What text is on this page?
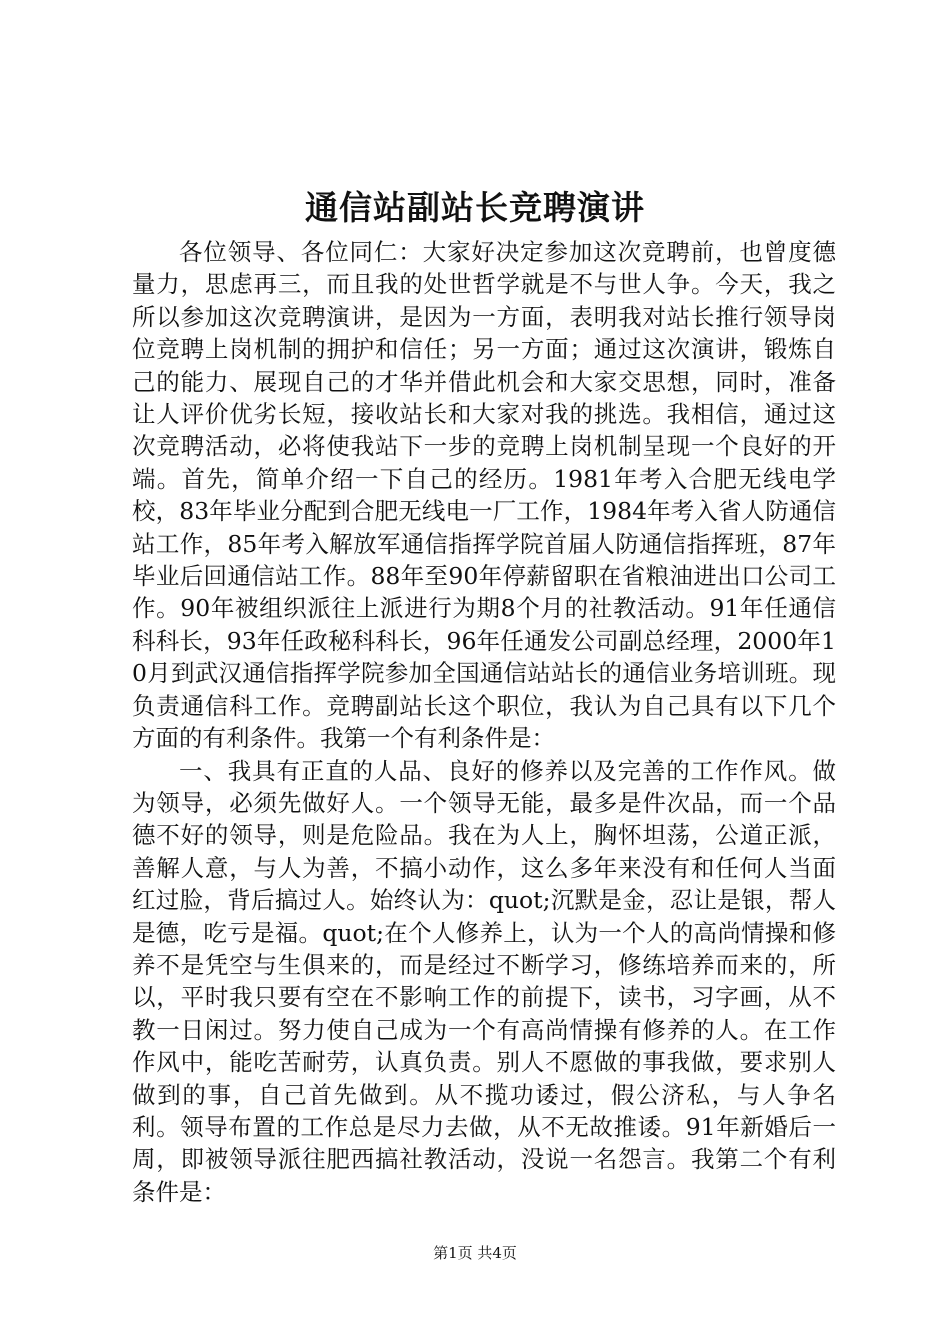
通信站副站长竞聘演讲

各位领导、各位同仁：大家好决定参加这次竞聘前，也曾度德量力，思虑再三，而且我的处世哲学就是不与世人争。今天，我之所以参加这次竞聘演讲，是因为一方面，表明我对站长推行领导岗位竞聘上岗机制的拥护和信任；另一方面；通过这次演讲，锻炼自己的能力、展现自己的才华并借此机会和大家交思想，同时，准备让人评价优劣长短，接收站长和大家对我的挑选。我相信，通过这次竞聘活动，必将使我站下一步的竞聘上岗机制呈现一个良好的开端。首先，简单介绍一下自己的经历。1981年考入合肥无线电学校，83年毕业分配到合肥无线电一厂工作，1984年考入省人防通信站工作，85年考入解放军通信指挥学院首届人防通信指挥班，87年毕业后回通信站工作。88年至90年停薪留职在省粮油进出口公司工作。90年被组织派往上派进行为期8个月的社教活动。91年任通信科科长，93年任政秘科科长，96年任通发公司副总经理，2000年10月到武汉通信指挥学院参加全国通信站站长的通信业务培训班。现负责通信科工作。竞聘副站长这个职位，我认为自己具有以下几个方面的有利条件。我第一个有利条件是：

一、我具有正直的人品、良好的修养以及完善的工作作风。做为领导，必须先做好人。一个领导无能，最多是件次品，而一个品德不好的领导，则是危险品。我在为人上，胸怀坦荡，公道正派，善解人意，与人为善，不搞小动作，这么多年来没有和任何人当面红过脸，背后搞过人。始终认为：quot;沉默是金，忍让是银，帮人是德，吃亏是福。quot;在个人修养上，认为一个人的高尚情操和修养不是凭空与生俱来的，而是经过不断学习，修练培养而来的，所以，平时我只要有空在不影响工作的前提下，读书，习字画，从不教一日闲过。努力使自己成为一个有高尚情操有修养的人。在工作作风中，能吃苦耐劳，认真负责。别人不愿做的事我做，要求别人做到的事，自己首先做到。从不揽功诿过，假公济私，与人争名利。领导布置的工作总是尽力去做，从不无故推诿。91年新婚后一周，即被领导派往肥西搞社教活动，没说一名怨言。我第二个有利条件是：

第1页 共4页
